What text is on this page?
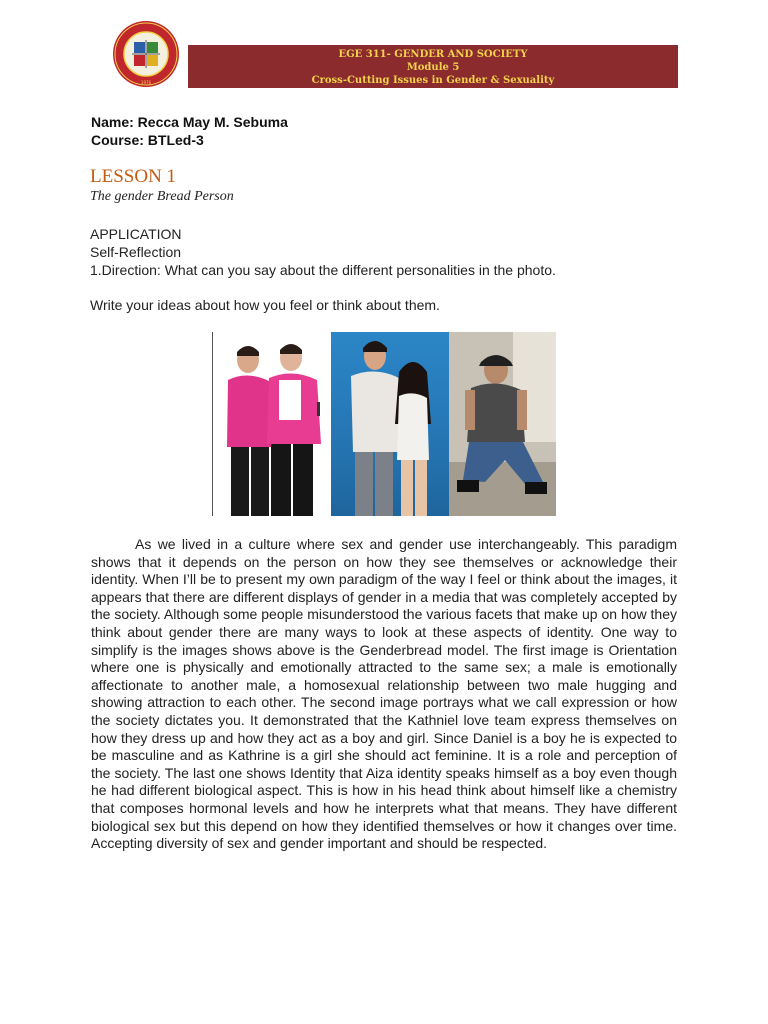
1976
EGE 311- GENDER AND SOCIETY
Module 5
Cross-Cutting Issues in Gender & Sexuality
Name: Recca May M. Sebuma
Course: BTLed-3
LESSON 1
The gender Bread Person
APPLICATION
Self-Reflection
1.Direction: What can you say about the different personalities in the photo.
Write your ideas about how you feel or think about them.

As we lived in a culture where sex and gender use interchangeably. This paradigm shows that it depends on the person on how they see themselves or acknowledge their identity. When I’ll be to present my own paradigm of the way I feel or think about the images, it appears that there are different displays of gender in a media that was completely accepted by the society. Although some people misunderstood the various facets that make up on how they think about gender there are many ways to look at these aspects of identity. One way to simplify is the images shows above is the Genderbread model. The first image is Orientation where one is physically and emotionally attracted to the same sex; a male is emotionally affectionate to another male, a homosexual relationship between two male hugging and showing attraction to each other. The second image portrays what we call expression or how the society dictates you. It demonstrated that the Kathniel love team express themselves on how they dress up and how they act as a boy and girl. Since Daniel is a boy he is expected to be masculine and as Kathrine is a girl she should act feminine. It is a role and perception of the society. The last one shows Identity that Aiza identity speaks himself as a boy even though he had different biological aspect. This is how in his head think about himself like a chemistry that composes hormonal levels and how he interprets what that means. They have different biological sex but this depend on how they identified themselves or how it changes over time. Accepting diversity of sex and gender important and should be respected.
